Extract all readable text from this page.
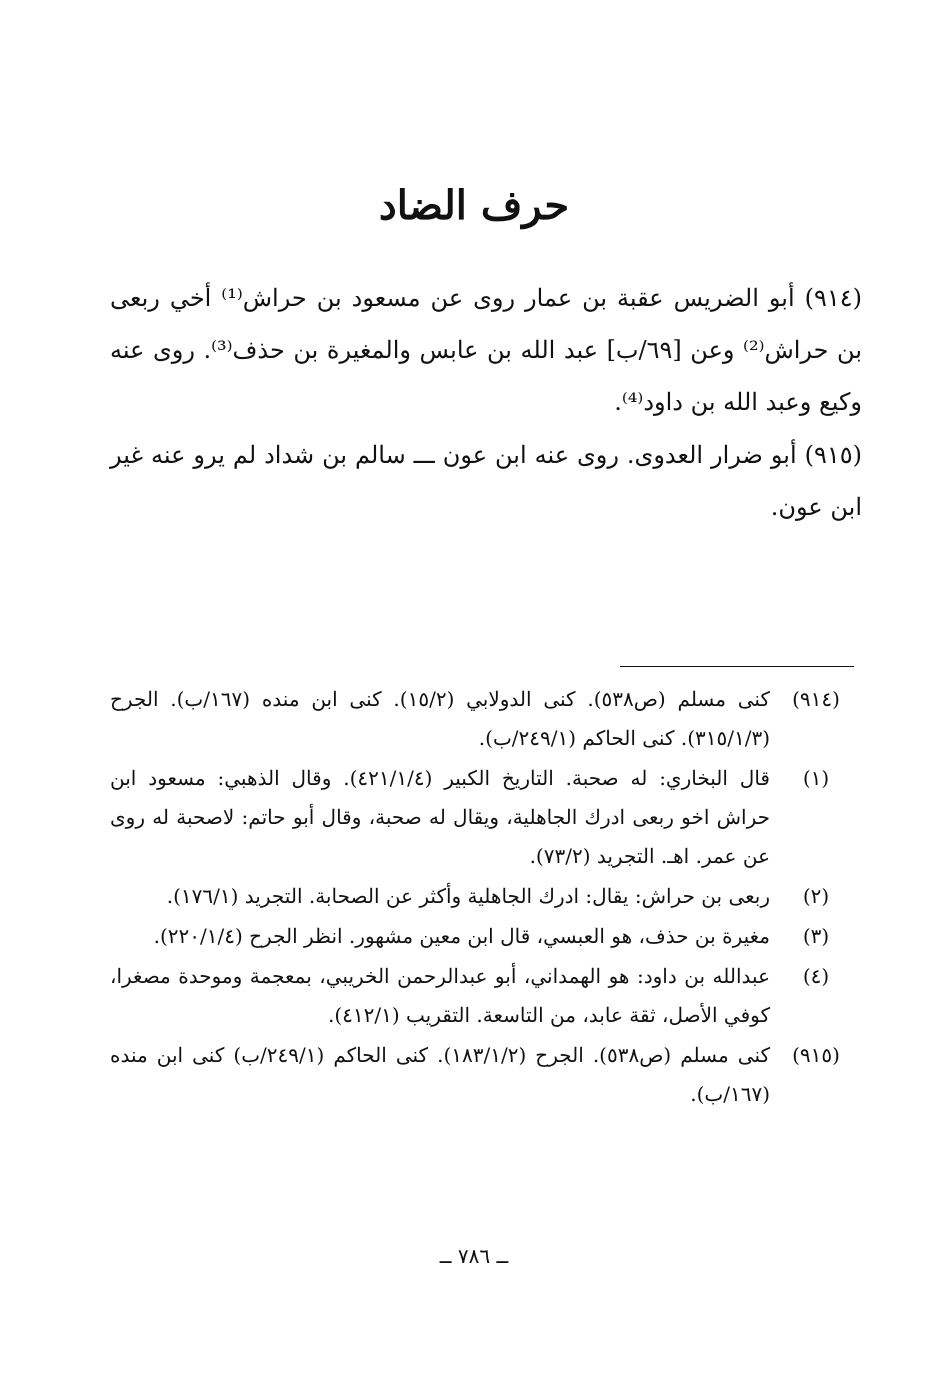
حرف الضاد

(٩١٤) أبو الضريس عقبة بن عمار روى عن مسعود بن حراش⁽¹⁾ أخي ربعى بن حراش⁽²⁾ وعن [٦٩/ب] عبد الله بن عابس والمغيرة بن حذف⁽³⁾. روى عنه وكيع وعبد الله بن داود⁽⁴⁾.

(٩١٥) أبو ضرار العدوى. روى عنه ابن عون ـــ سالم بن شداد لم يرو عنه غير ابن عون.

(٩١٤)
كنى مسلم (ص٥٣٨). كنى الدولابي (١٥/٢). كنى ابن منده (١٦٧/ب). الجرح (٣١٥/١/٣). كنى الحاكم (٢٤٩/١/ب).
(١)
قال البخاري: له صحبة. التاريخ الكبير (٤٢١/١/٤). وقال الذهبي: مسعود ابن حراش اخو ربعى ادرك الجاهلية، ويقال له صحبة، وقال أبو حاتم: لاصحبة له روى عن عمر. اهـ. التجريد (٧٣/٢).
(٢)
ربعى بن حراش: يقال: ادرك الجاهلية وأكثر عن الصحابة. التجريد (١٧٦/١).
(٣)
مغيرة بن حذف، هو العبسي، قال ابن معين مشهور. انظر الجرح (٢٢٠/١/٤).
(٤)
عبدالله بن داود: هو الهمداني، أبو عبدالرحمن الخريبي، بمعجمة وموحدة مصغرا، كوفي الأصل، ثقة عابد، من التاسعة. التقريب (٤١٢/١).
(٩١٥)
كنى مسلم (ص٥٣٨). الجرح (١٨٣/١/٢). كنى الحاكم (٢٤٩/١/ب) كنى ابن منده (١٦٧/ب).
ــ ٧٨٦ ــ
